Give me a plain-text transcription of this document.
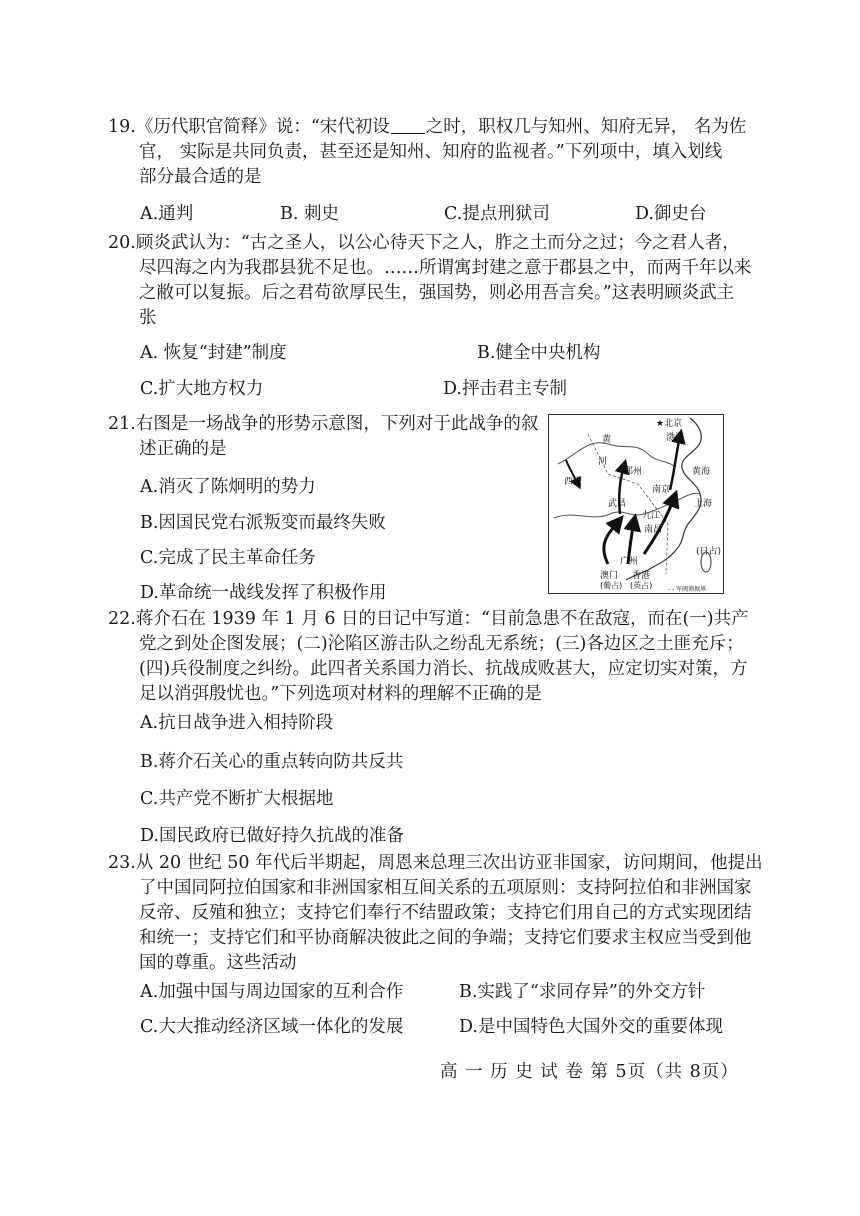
19.《历代职官简释》说：“宋代初设 之时，职权几与知州、知府无异， 名为佐
官， 实际是共同负责，甚至还是知州、知府的监视者。”下列项中，填入划线
部分最合适的是
A.通判	B. 刺史	C.提点刑狱司	D.御史台
20.顾炎武认为：“古之圣人，以公心待天下之人，胙之土而分之过；今之君人者，
尽四海之内为我郡县犹不足也。……所谓寓封建之意于郡县之中，而两千年以来
之敝可以复振。后之君苟欲厚民生，强国势，则必用吾言矣。”这表明顾炎武主
张
A. 恢复“封建”制度	B.健全中央机构
C.扩大地方权力	D.抨击君主专制
21.右图是一场战争的形势示意图，下列对于此战争的叙
述正确的是
A.消灭了陈炯明的势力
B.因国民党右派叛变而最终失败
C.完成了民主革命任务
D.革命统一战线发挥了积极作用
★北京
渤海
黄
河
黄海
郑州
西安
南京
上海
武昌
九江
南昌
广州
(日占)
澳门 香港
(葡占) (英占)	- - 军阀割据界
22.蒋介石在 1939 年 1 月 6 日的日记中写道：“目前急患不在敌寇，而在(一)共产
党之到处企图发展；(二)沦陷区游击队之纷乱无系统；(三)各边区之土匪充斥；
(四)兵役制度之纠纷。此四者关系国力消长、抗战成败甚大，应定切实对策，方
足以消弭殷忧也。”下列选项对材料的理解不正确的是
A.抗日战争进入相持阶段
B.蒋介石关心的重点转向防共反共
C.共产党不断扩大根据地
D.国民政府已做好持久抗战的准备
23.从 20 世纪 50 年代后半期起，周恩来总理三次出访亚非国家，访问期间，他提出
了中国同阿拉伯国家和非洲国家相互间关系的五项原则：支持阿拉伯和非洲国家
反帝、反殖和独立；支持它们奉行不结盟政策；支持它们用自己的方式实现团结
和统一；支持它们和平协商解决彼此之间的争端；支持它们要求主权应当受到他
国的尊重。这些活动
A.加强中国与周边国家的互利合作	B.实践了“求同存异”的外交方针
C.大大推动经济区域一体化的发展	D.是中国特色大国外交的重要体现
高 一 历 史 试 卷 第 5页（共 8页）
